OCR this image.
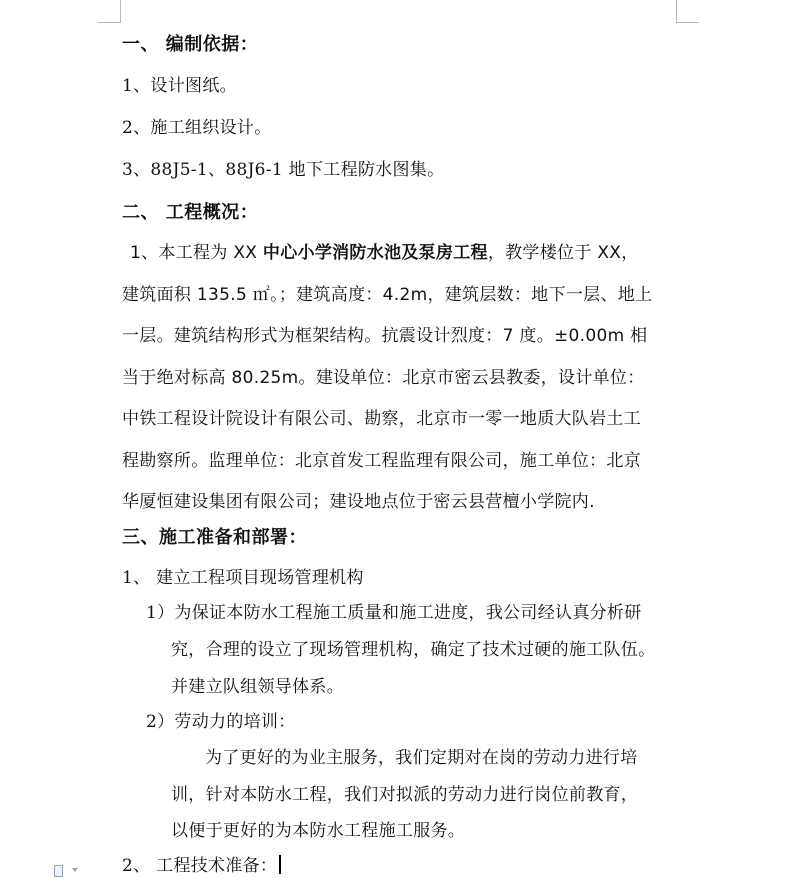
一、 编制依据：
1、设计图纸。
2、施工组织设计。
3、88J5-1、88J6-1 地下工程防水图集。
二、 工程概况：
1、本工程为 XX 中心小学消防水池及泵房工程，教学楼位于 XX，
建筑面积 135.5 ㎡。；建筑高度：4.2m，建筑层数：地下一层、地上
一层。建筑结构形式为框架结构。抗震设计烈度：7 度。±0.00m 相
当于绝对标高 80.25m。建设单位：北京市密云县教委，设计单位：
中铁工程设计院设计有限公司、勘察，北京市一零一地质大队岩土工
程勘察所。监理单位：北京首发工程监理有限公司，施工单位：北京
华厦恒建设集团有限公司；建设地点位于密云县营檀小学院内.
三、施工准备和部署：
1、 建立工程项目现场管理机构
1）为保证本防水工程施工质量和施工进度，我公司经认真分析研
究，合理的设立了现场管理机构，确定了技术过硬的施工队伍。
并建立队组领导体系。
2）劳动力的培训：
为了更好的为业主服务，我们定期对在岗的劳动力进行培
训，针对本防水工程，我们对拟派的劳动力进行岗位前教育，
以便于更好的为本防水工程施工服务。
2、 工程技术准备：
